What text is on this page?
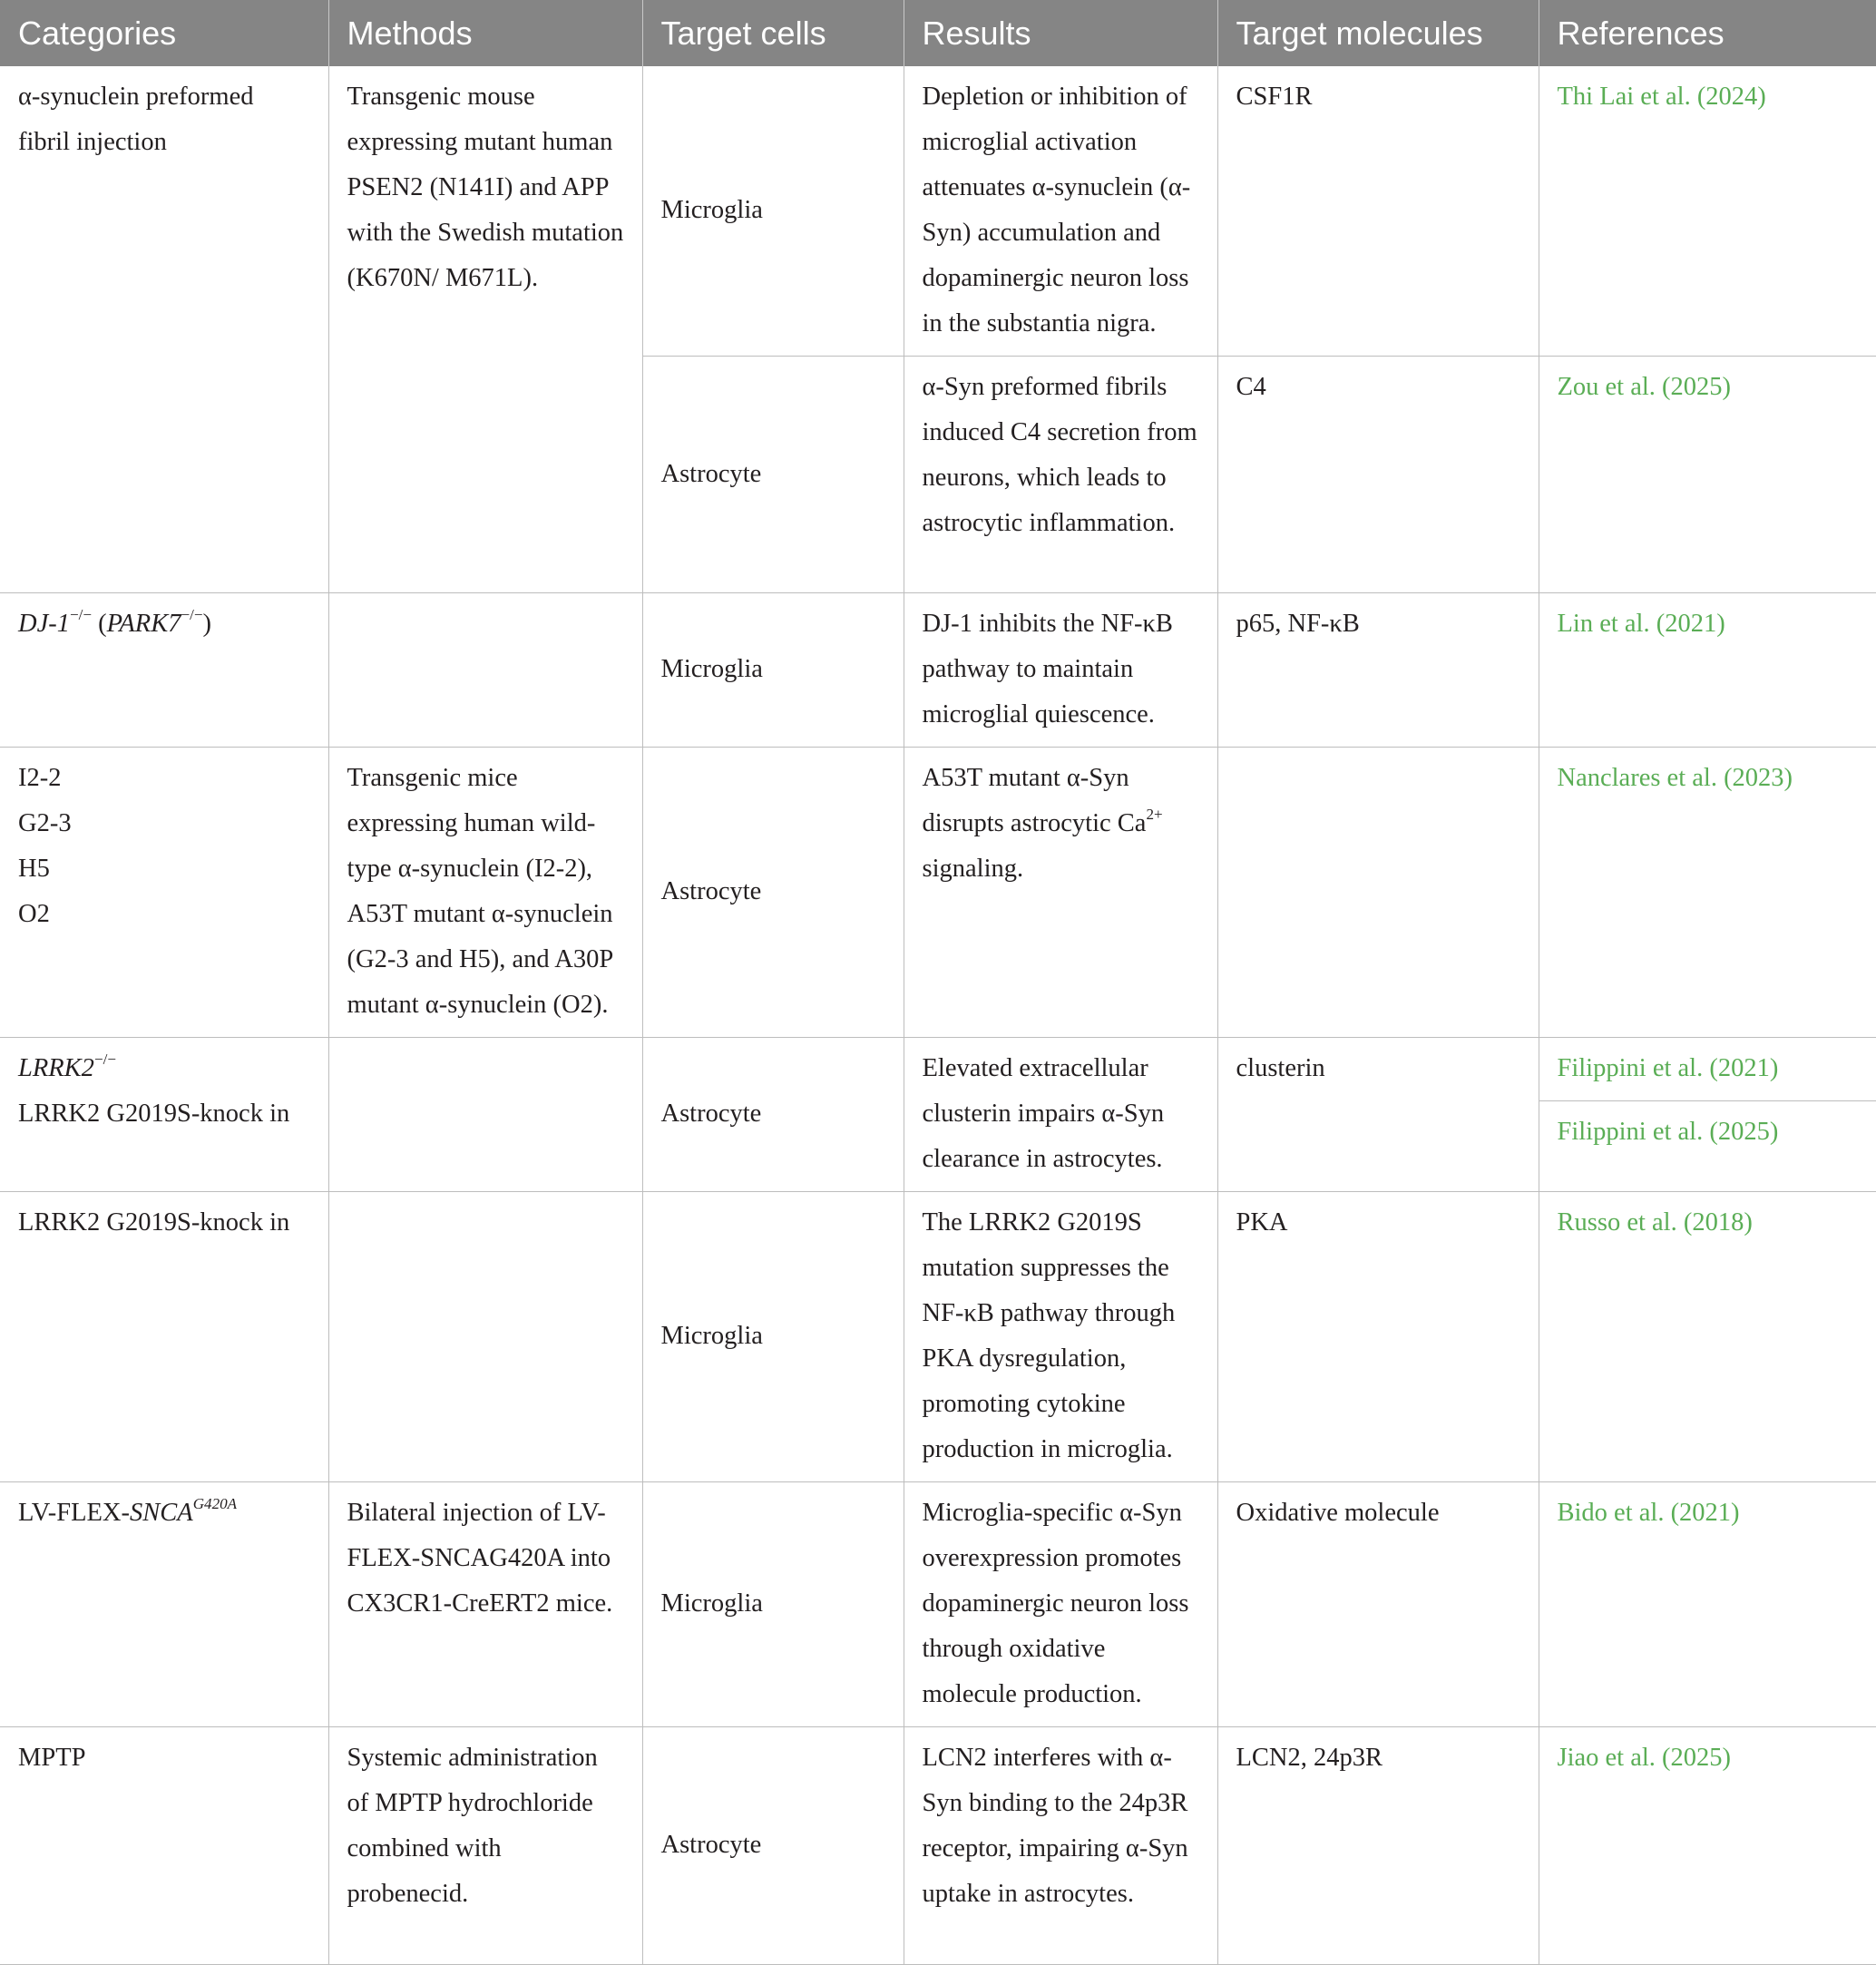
Categories	Methods	Target cells	Results	Target molecules	References
α-synuclein preformed fibril injection	Transgenic mouse expressing mutant human PSEN2 (N141I) and APP with the Swedish mutation (K670N/ M671L).	Microglia	Depletion or inhibition of microglial activation attenuates α-synuclein (α-Syn) accumulation and dopaminergic neuron loss in the substantia nigra.	CSF1R	Thi Lai et al. (2024)
		Astrocyte	α-Syn preformed fibrils induced C4 secretion from neurons, which leads to astrocytic inflammation.	C4	Zou et al. (2025)
DJ-1−/− (PARK7−/−)		Microglia	DJ-1 inhibits the NF-κB pathway to maintain microglial quiescence.	p65, NF-κB	Lin et al. (2021)

I2-2
G2-3
H5
O2	Transgenic mice expressing human wild-type α-synuclein (I2-2), A53T mutant α-synuclein (G2-3 and H5), and A30P mutant α-synuclein (O2).	Astrocyte	A53T mutant α-Syn disrupts astrocytic $Ca^{2+}$ signaling.		Nanclares et al. (2023)
LRRK2−/−
LRRK2 G2019S-knock in		Astrocyte	Elevated extracellular clusterin impairs α-Syn clearance in astrocytes.	clusterin	Filippini et al. (2021)
					Filippini et al. (2025)
LRRK2 G2019S-knock in		Microglia	The LRRK2 G2019S mutation suppresses the NF-κB pathway through PKA dysregulation, promoting cytokine production in microglia.	PKA	Russo et al. (2018)
$LV-FLEX-SNCA^{G420A}$	Bilateral injection of LV-FLEX-SNCAG420A into CX3CR1-CreERT2 mice.	Microglia	Microglia-specific α-Syn overexpression promotes dopaminergic neuron loss through oxidative molecule production.	Oxidative molecule	Bido et al. (2021)
MPTP	Systemic administration of MPTP hydrochloride combined with probenecid.	Astrocyte	LCN2 interferes with α-Syn binding to the 24p3R receptor, impairing α-Syn uptake in astrocytes.	LCN2, 24p3R	Jiao et al. (2025)
